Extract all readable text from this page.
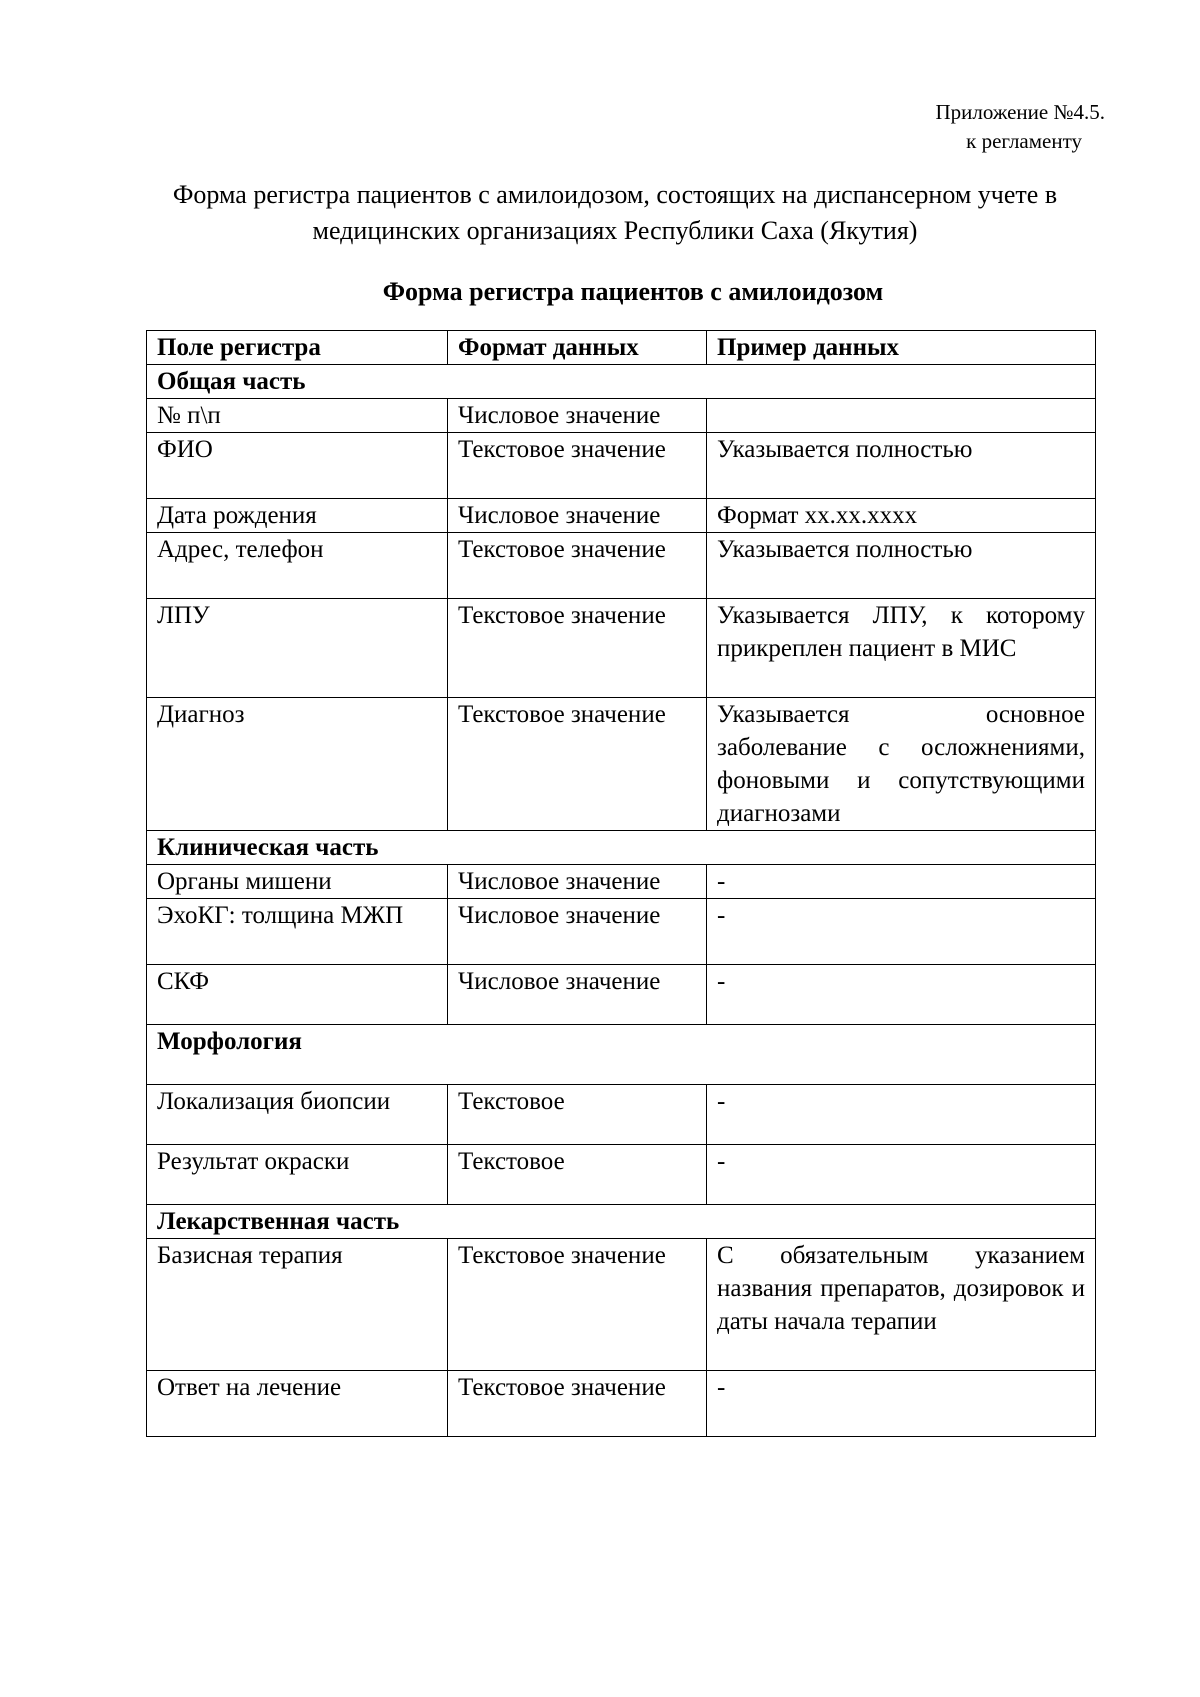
Приложение №4.5.
к регламенту
Форма регистра пациентов с амилоидозом, состоящих на диспансерном учете в медицинских организациях Республики Саха (Якутия)
Форма регистра пациентов с амилоидозом
Поле регистра	Формат данных	Пример данных
Общая часть		
№ п\п	Числовое значение	
ФИО	Текстовое значение	Указывается полностью
Дата рождения	Числовое значение	Формат хх.хх.хххх
Адрес, телефон	Текстовое значение	Указывается полностью
ЛПУ	Текстовое значение	Указывается ЛПУ, к которому прикреплен пациент в МИС
Диагноз	Текстовое значение	Указывается основное заболевание с осложнениями, фоновыми и сопутствующими диагнозами
Клиническая часть		
Органы мишени	Числовое значение	-
ЭхоКГ: толщина МЖП	Числовое значение	-
СКФ	Числовое значение	-
Морфология		
Локализация биопсии	Текстовое	-
Результат окраски	Текстовое	-
Лекарственная часть		
Базисная терапия	Текстовое значение	С обязательным указанием названия препаратов, дозировок и даты начала терапии
Ответ на лечение	Текстовое значение	-
